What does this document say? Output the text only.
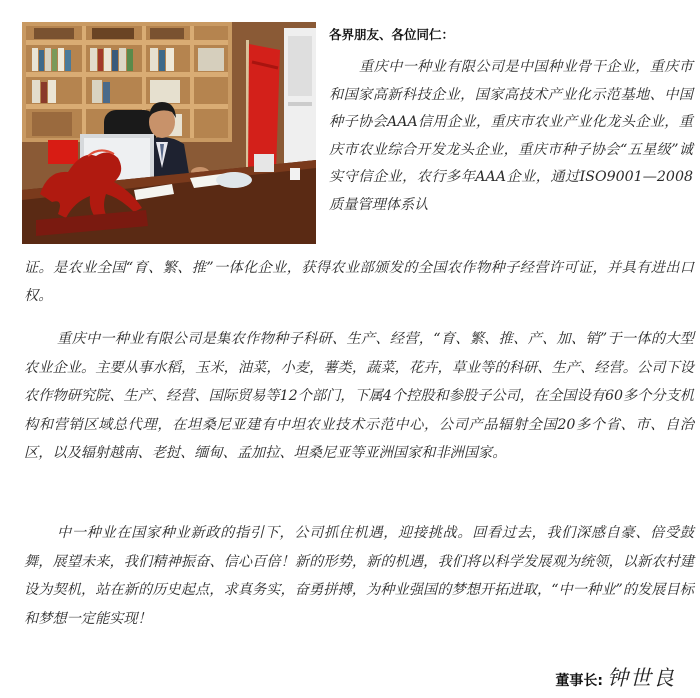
各界朋友、各位同仁：

重庆中一种业有限公司是中国种业骨干企业，重庆市和国家高新科技企业，国家高技术产业化示范基地、中国种子协会AAA信用企业，重庆市农业产业化龙头企业，重庆市农业综合开发龙头企业，重庆市种子协会“五星级”诚实守信企业，农行多年AAA企业，通过ISO9001—2008质量管理体系认

证。是农业全国“育、繁、推”一体化企业，获得农业部颁发的全国农作物种子经营许可证，并具有进出口权。

重庆中一种业有限公司是集农作物种子科研、生产、经营，“育、繁、推、产、加、销”于一体的大型农业企业。主要从事水稻，玉米，油菜，小麦，薯类，蔬菜，花卉，草业等的科研、生产、经营。公司下设农作物研究院、生产、经营、国际贸易等12个部门，下属4个控股和参股子公司，在全国设有60多个分支机构和营销区域总代理，在坦桑尼亚建有中坦农业技术示范中心，公司产品辐射全国20多个省、市、自治区，以及辐射越南、老挝、缅甸、孟加拉、坦桑尼亚等亚洲国家和非洲国家。

中一种业在国家种业新政的指引下，公司抓住机遇，迎接挑战。回看过去，我们深感自豪、倍受鼓舞，展望未来，我们精神振奋、信心百倍！新的形势，新的机遇，我们将以科学发展观为统领，以新农村建设为契机，站在新的历史起点，求真务实，奋勇拼搏，为种业强国的梦想开拓进取，“中一种业”的发展目标和梦想一定能实现！

董事长: 钟世良
